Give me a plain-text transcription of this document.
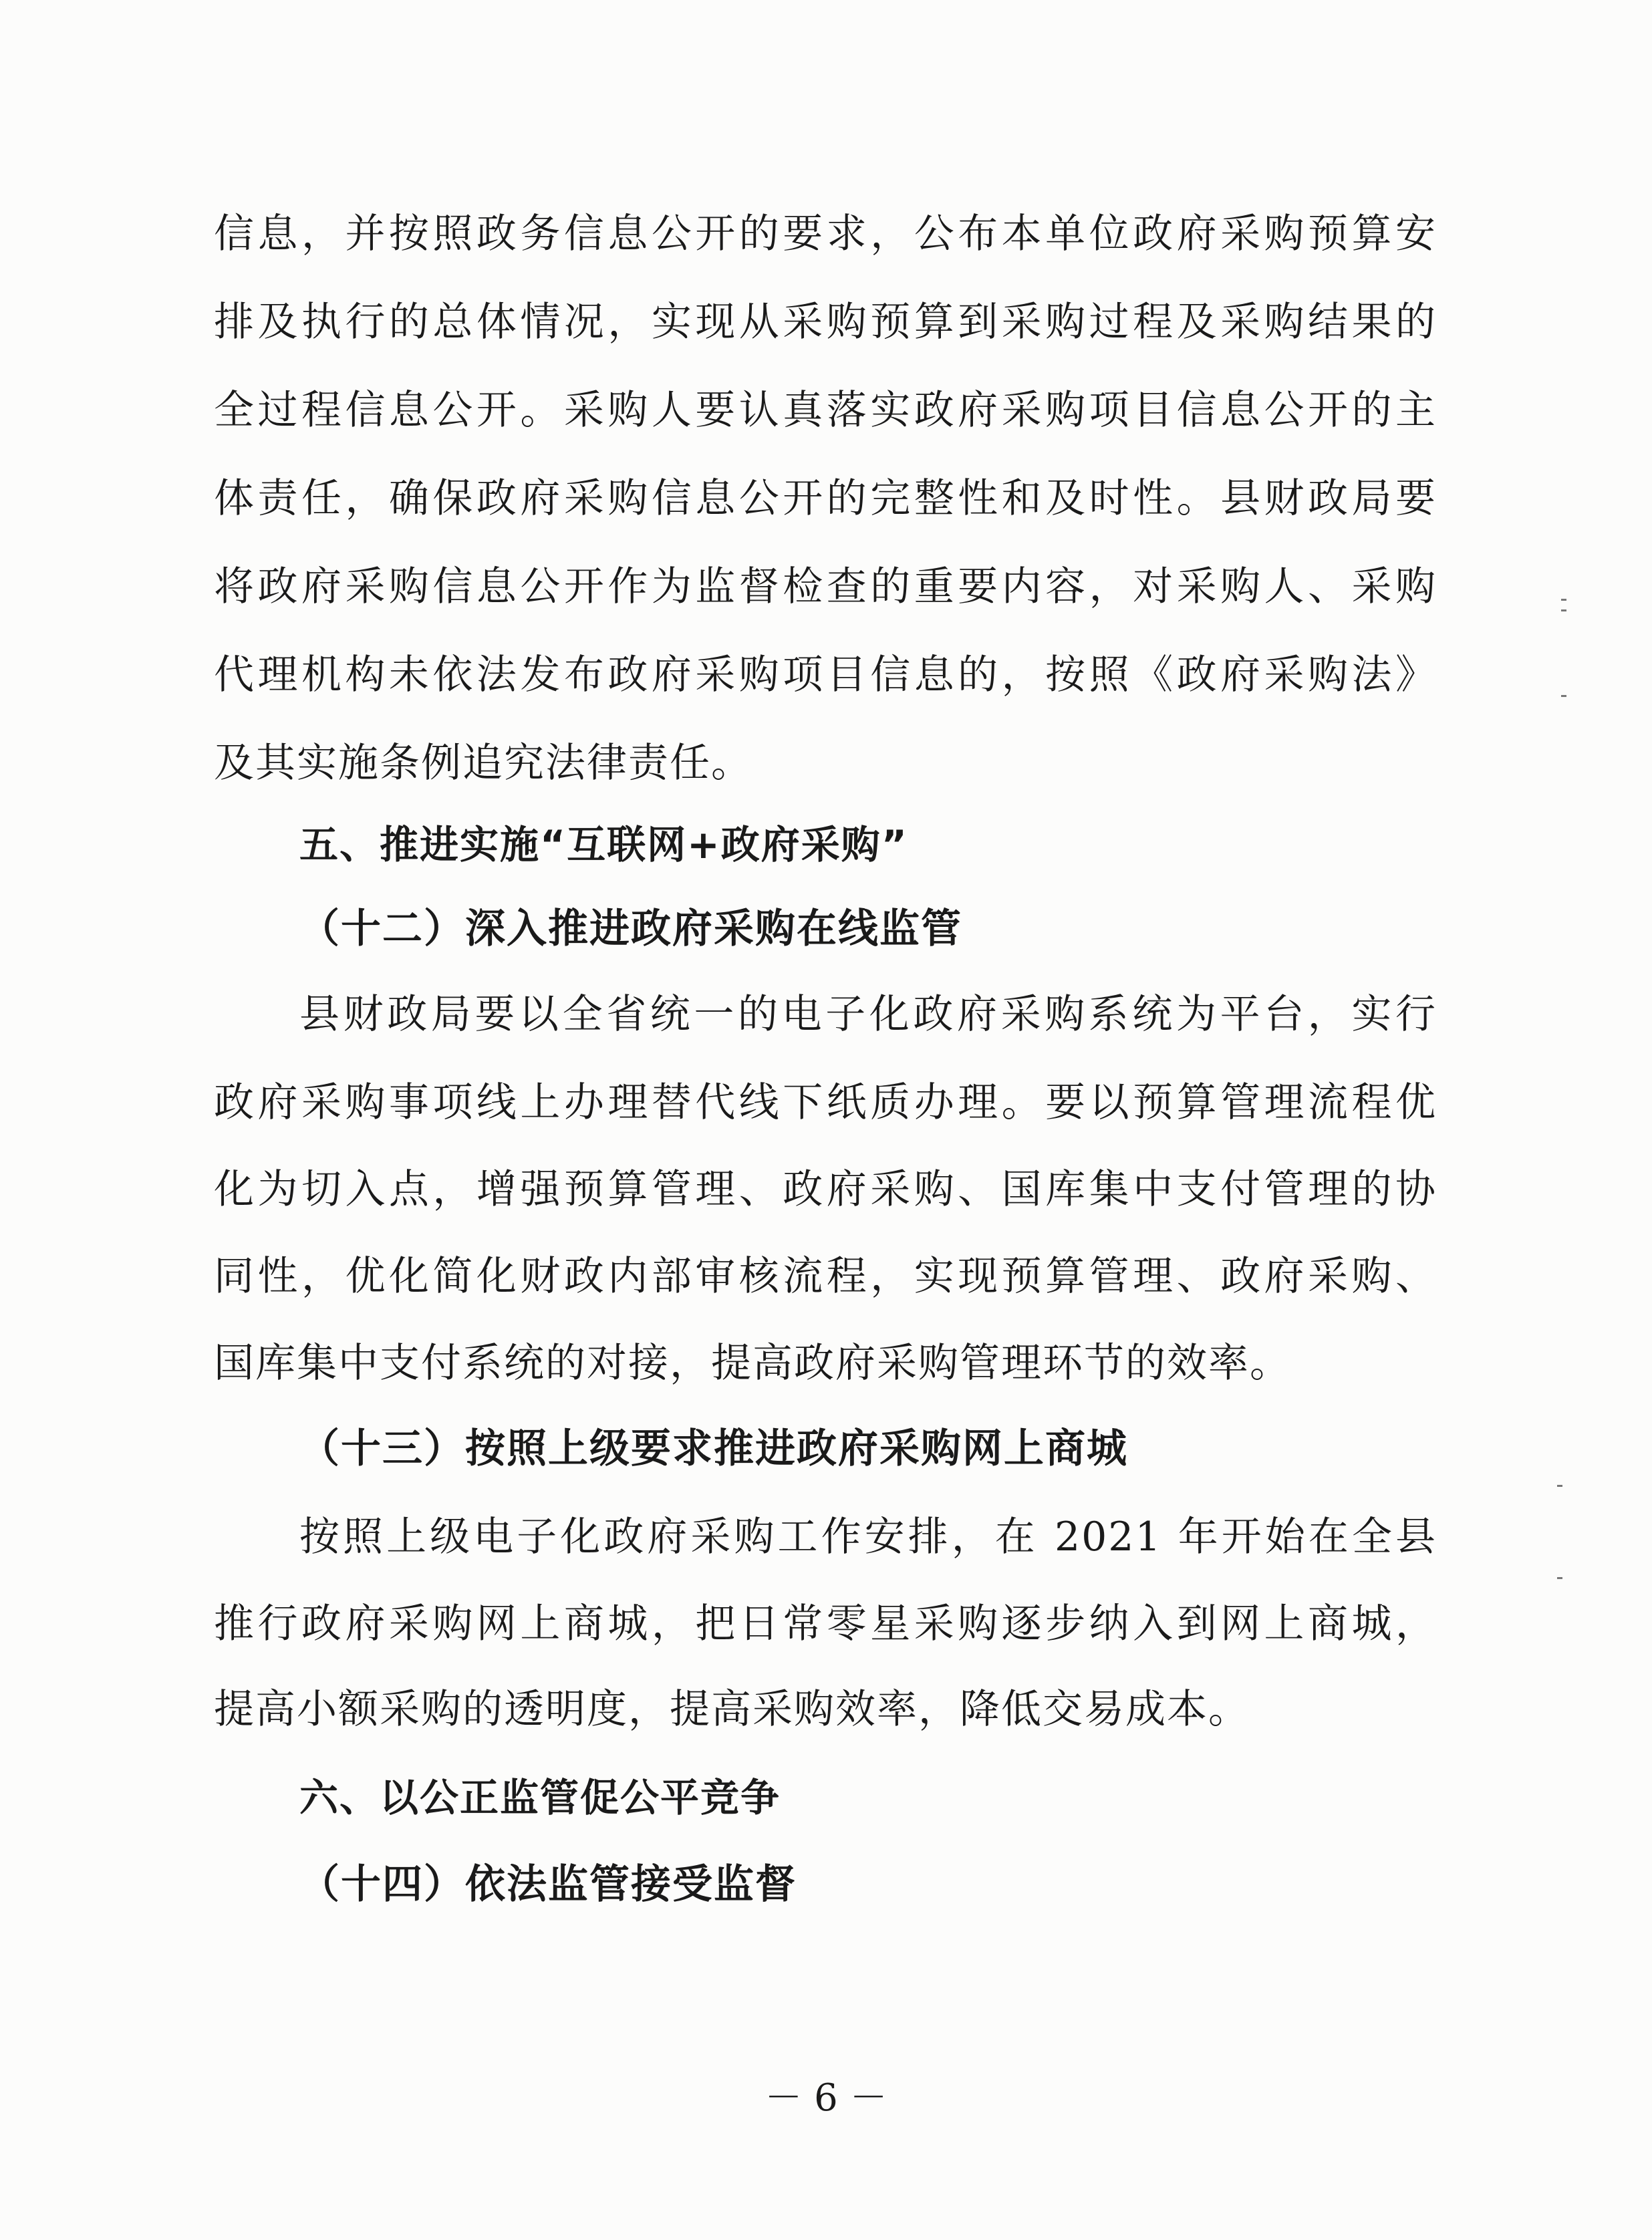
信息，并按照政务信息公开的要求，公布本单位政府采购预算安
排及执行的总体情况，实现从采购预算到采购过程及采购结果的
全过程信息公开。采购人要认真落实政府采购项目信息公开的主
体责任，确保政府采购信息公开的完整性和及时性。县财政局要
将政府采购信息公开作为监督检查的重要内容，对采购人、采购
代理机构未依法发布政府采购项目信息的，按照《政府采购法》
及其实施条例追究法律责任。
五、推进实施“互联网+政府采购”
（十二）深入推进政府采购在线监管
县财政局要以全省统一的电子化政府采购系统为平台，实行
政府采购事项线上办理替代线下纸质办理。要以预算管理流程优
化为切入点，增强预算管理、政府采购、国库集中支付管理的协
同性，优化简化财政内部审核流程，实现预算管理、政府采购、
国库集中支付系统的对接，提高政府采购管理环节的效率。
（十三）按照上级要求推进政府采购网上商城
按照上级电子化政府采购工作安排，在 2021 年开始在全县
推行政府采购网上商城，把日常零星采购逐步纳入到网上商城，
提高小额采购的透明度，提高采购效率，降低交易成本。
六、以公正监管促公平竞争
（十四）依法监管接受监督
－ 6 －
